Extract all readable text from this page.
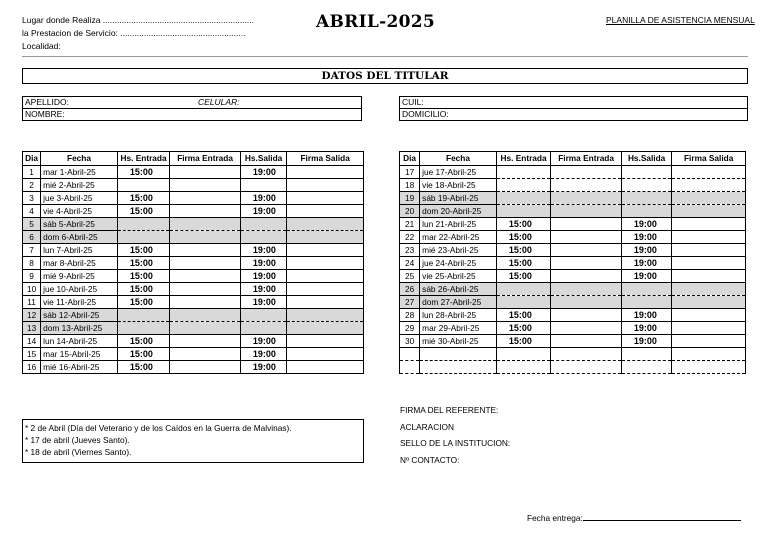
Lugar donde Realiza ................................................................
la Prestacion de Servicio: .....................................................
Localidad:
ABRIL-2025	PLANILLA DE ASISTENCIA MENSUAL
DATOS DEL TITULAR
APELLIDO:	CELULAR:
NOMBRE:
CUIL:
DOMICILIO:
Dia	Fecha	Hs. Entrada	Firma Entrada	Hs.Salida	Firma Salida
1	mar 1-Abril-25	15:00		19:00	
2	mié 2-Abril-25				
3	jue 3-Abril-25	15:00		19:00	
4	vie 4-Abril-25	15:00		19:00	
5	sáb 5-Abril-25				
6	dom 6-Abril-25				
7	lun 7-Abril-25	15:00		19:00	
8	mar 8-Abril-25	15:00		19:00	
9	mié 9-Abril-25	15:00		19:00	
10	jue 10-Abril-25	15:00		19:00	
11	vie 11-Abril-25	15:00		19:00	
12	sáb 12-Abril-25				
13	dom 13-Abril-25				
14	lun 14-Abril-25	15:00		19:00	
15	mar 15-Abril-25	15:00		19:00	
16	mié 16-Abril-25	15:00		19:00	
Dia	Fecha	Hs. Entrada	Firma Entrada	Hs.Salida	Firma Salida
17	jue 17-Abril-25				
18	vie 18-Abril-25				
19	sáb 19-Abril-25				
20	dom 20-Abril-25				
21	lun 21-Abril-25	15:00		19:00	
22	mar 22-Abril-25	15:00		19:00	
23	mié 23-Abril-25	15:00		19:00	
24	jue 24-Abril-25	15:00		19:00	
25	vie 25-Abril-25	15:00		19:00	
26	sáb 26-Abril-25				
27	dom 27-Abril-25				
28	lun 28-Abril-25	15:00		19:00	
29	mar 29-Abril-25	15:00		19:00	
30	mié 30-Abril-25	15:00		19:00	

* 2 de Abril (Día del Veterano y de los Caídos en la Guerra de Malvinas).
* 17 de abril (Jueves Santo).
* 18 de abril (Viernes Santo).
FIRMA DEL REFERENTE:
ACLARACION
SELLO DE LA INSTITUCION:
Nº CONTACTO:
Fecha entrega:
